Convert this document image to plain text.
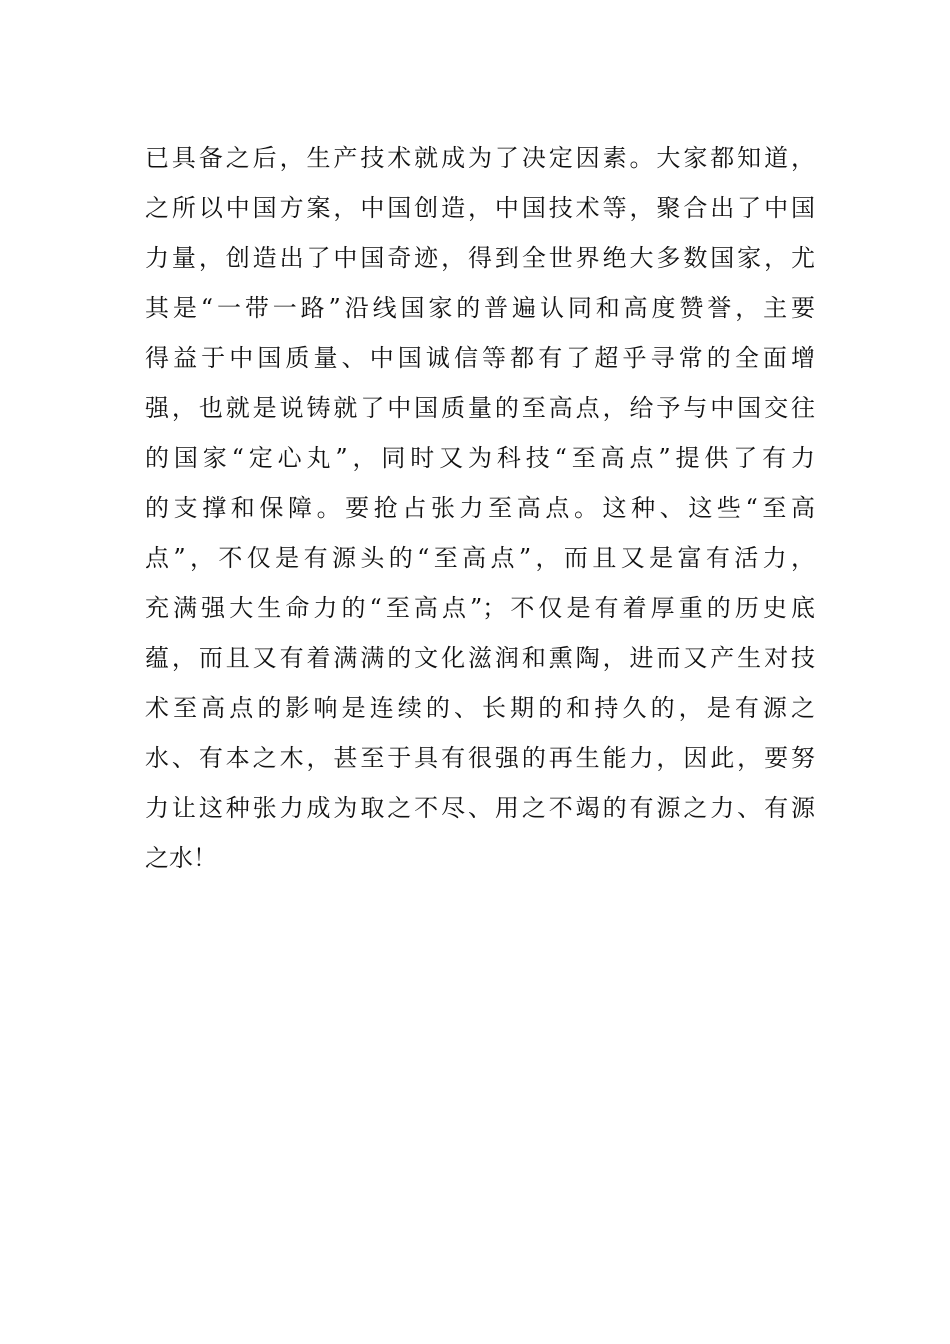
已具备之后，生产技术就成为了决定因素。大家都知道，
之所以中国方案，中国创造，中国技术等，聚合出了中国
力量，创造出了中国奇迹，得到全世界绝大多数国家，尤
其是“一带一路”沿线国家的普遍认同和高度赞誉，主要
得益于中国质量、中国诚信等都有了超乎寻常的全面增
强，也就是说铸就了中国质量的至高点，给予与中国交往
的国家“定心丸”，同时又为科技“至高点”提供了有力
的支撑和保障。要抢占张力至高点。这种、这些“至高
点”，不仅是有源头的“至高点”，而且又是富有活力，
充满强大生命力的“至高点”；不仅是有着厚重的历史底
蕴，而且又有着满满的文化滋润和熏陶，进而又产生对技
术至高点的影响是连续的、长期的和持久的，是有源之
水、有本之木，甚至于具有很强的再生能力，因此，要努
力让这种张力成为取之不尽、用之不竭的有源之力、有源
之水！
